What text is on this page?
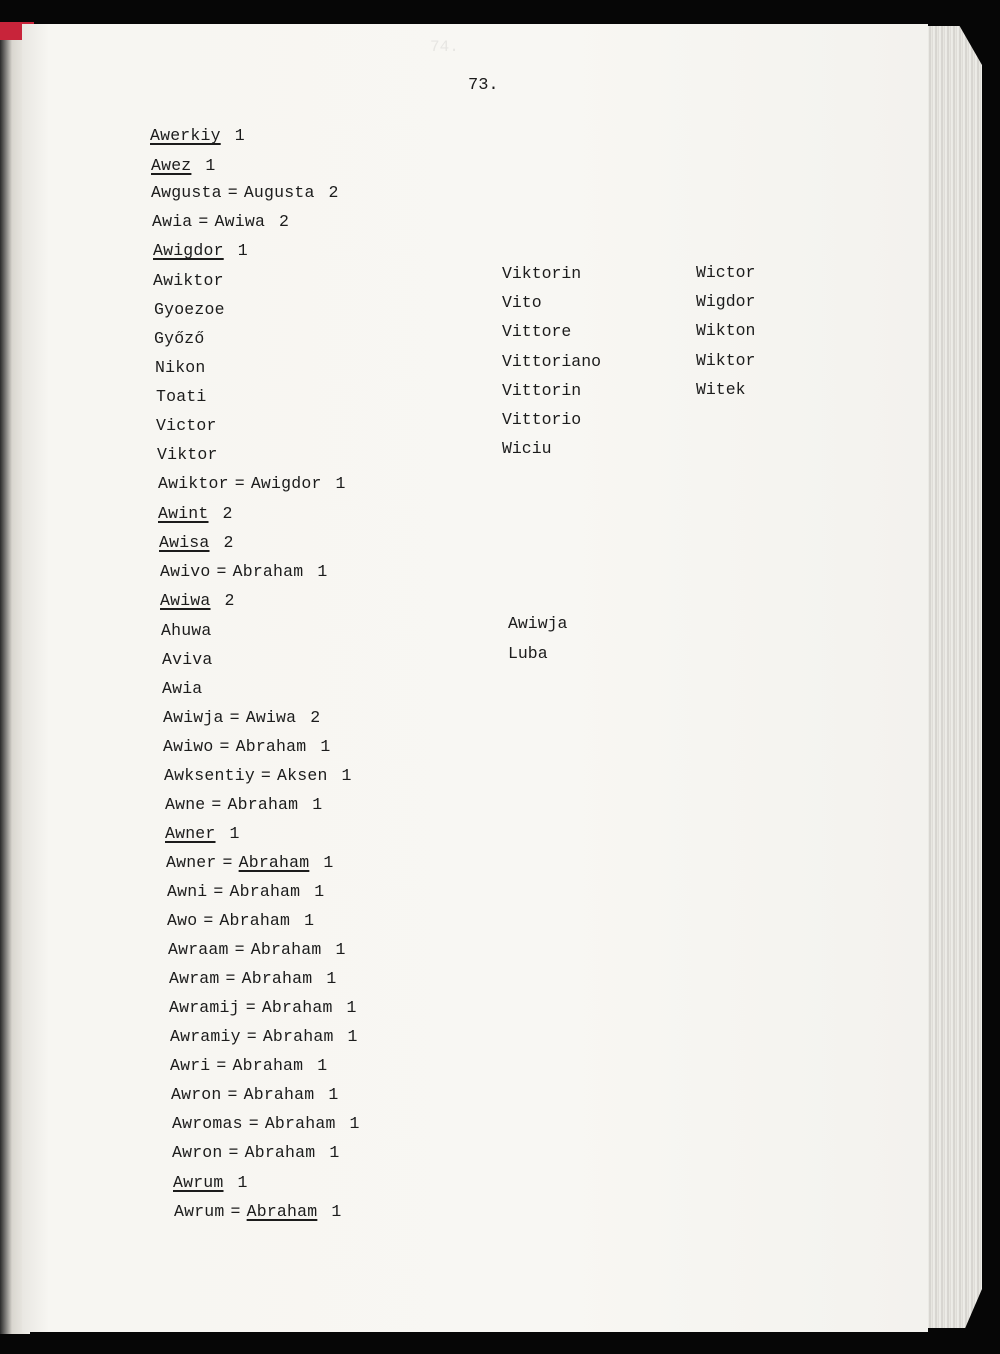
74.
73.
Awerkiy 1
Awez 1
Awgusta = Augusta 2
Awia = Awiwa 2
Awigdor 1
Awiktor
Gyoezoe
Győző
Nikon
Toati
Victor
Viktor
Awiktor = Awigdor 1
Awint 2
Awisa 2
Awivo = Abraham 1
Awiwa 2
Ahuwa
Aviva
Awia
Awiwja = Awiwa 2
Awiwo = Abraham 1
Awksentiy = Aksen 1
Awne = Abraham 1
Awner 1
Awner = Abraham 1
Awni = Abraham 1
Awo = Abraham 1
Awraam = Abraham 1
Awram = Abraham 1
Awramij = Abraham 1
Awramiy = Abraham 1
Awri = Abraham 1
Awron = Abraham 1
Awromas = Abraham 1
Awron = Abraham 1
Awrum 1
Awrum = Abraham 1
Viktorin
Vito
Vittore
Vittoriano
Vittorin
Vittorio
Wiciu
Wictor
Wigdor
Wikton
Wiktor
Witek
Awiwja
Luba
